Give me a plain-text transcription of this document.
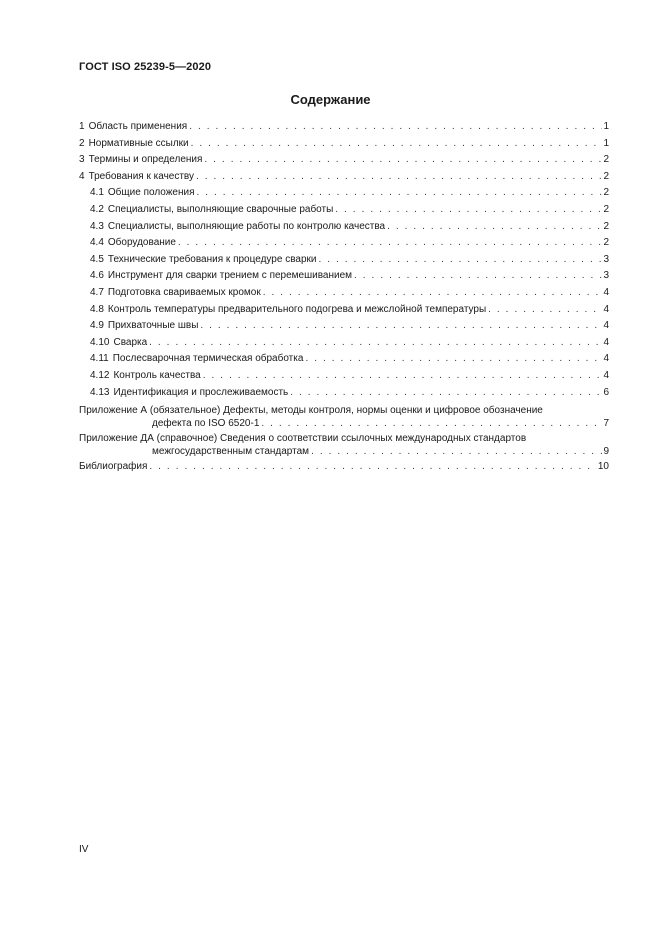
ГОСТ ISO 25239-5—2020
Содержание
1 Область применения . . .	1
2 Нормативные ссылки . . .	1
3 Термины и определения . . .	2
4 Требования к качеству . . .	2
4.1 Общие положения . . .	2
4.2 Специалисты, выполняющие сварочные работы . . .	2
4.3 Специалисты, выполняющие работы по контролю качества . . .	2
4.4 Оборудование . . .	2
4.5 Технические требования к процедуре сварки . . .	3
4.6 Инструмент для сварки трением с перемешиванием . . .	3
4.7 Подготовка свариваемых кромок . . .	4
4.8 Контроль температуры предварительного подогрева и межслойной температуры . . .	4
4.9 Прихваточные швы . . .	4
4.10 Сварка . . .	4
4.11 Послесварочная термическая обработка . . .	4
4.12 Контроль качества . . .	4
4.13 Идентификация и прослеживаемость . . .	6
Приложение А (обязательное) Дефекты, методы контроля, нормы оценки и цифровое обозначение
дефекта по ISO 6520-1 . . .	7
Приложение ДА (справочное) Сведения о соответствии ссылочных международных стандартов
межгосударственным стандартам . . .	9
Библиография . . .	10
IV
